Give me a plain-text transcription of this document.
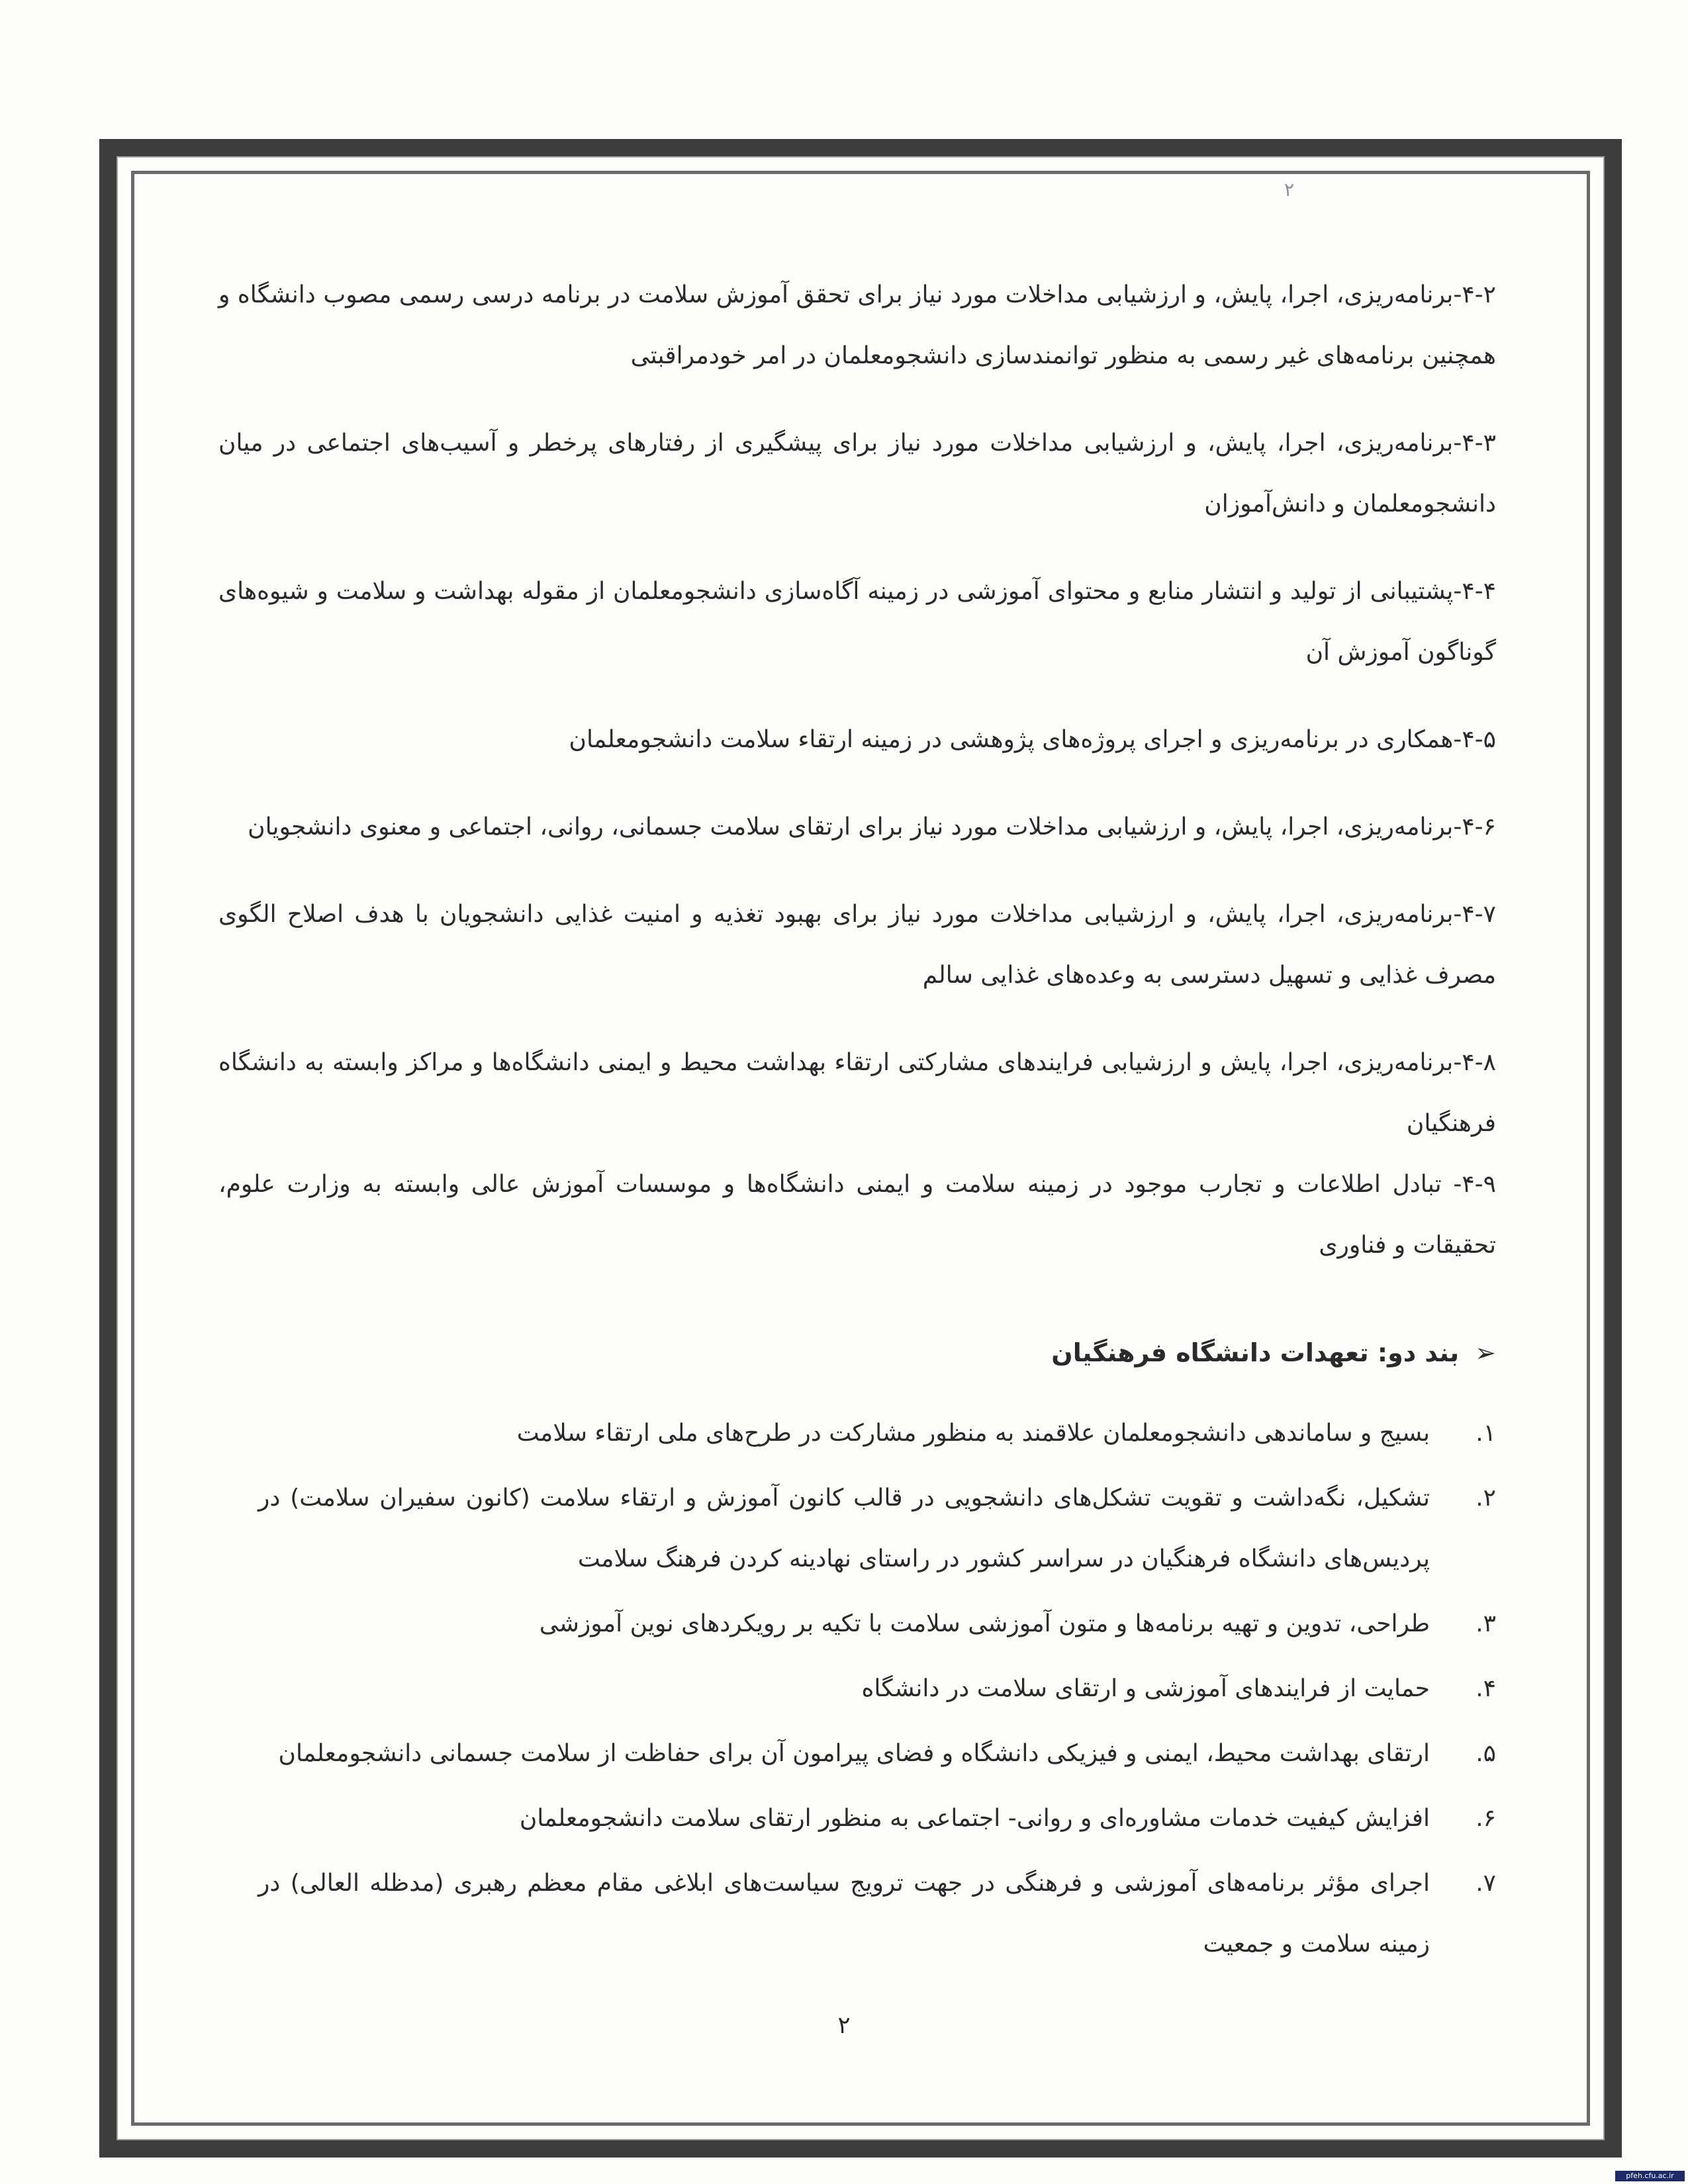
۲

۴-۲-برنامه‌ریزی، اجرا، پایش، و ارزشیابی مداخلات مورد نیاز برای تحقق آموزش سلامت در برنامه درسی رسمی مصوب دانشگاه و همچنین برنامه‌های غیر رسمی به منظور توانمندسازی دانشجومعلمان در امر خودمراقبتی

۴-۳-برنامه‌ریزی، اجرا، پایش، و ارزشیابی مداخلات مورد نیاز برای پیشگیری از رفتارهای پرخطر و آسیب‌های اجتماعی در میان دانشجومعلمان و دانش‌آموزان

۴-۴-پشتیبانی از تولید و انتشار منابع و محتوای آموزشی در زمینه آگاه‌سازی دانشجومعلمان از مقوله بهداشت و سلامت و شیوه‌های گوناگون آموزش آن

۴-۵-همکاری در برنامه‌ریزی و اجرای پروژه‌های پژوهشی در زمینه ارتقاء سلامت دانشجومعلمان

۴-۶-برنامه‌ریزی، اجرا، پایش، و ارزشیابی مداخلات مورد نیاز برای ارتقای سلامت جسمانی، روانی، اجتماعی و معنوی دانشجویان

۴-۷-برنامه‌ریزی، اجرا، پایش، و ارزشیابی مداخلات مورد نیاز برای بهبود تغذیه و امنیت غذایی دانشجویان با هدف اصلاح الگوی مصرف غذایی و تسهیل دسترسی به وعده‌های غذایی سالم

۴-۸-برنامه‌ریزی، اجرا، پایش و ارزشیابی فرایندهای مشارکتی ارتقاء بهداشت محیط و ایمنی دانشگاه‌ها و مراکز وابسته به دانشگاه فرهنگیان

۴-۹- تبادل اطلاعات و تجارب موجود در زمینه سلامت و ایمنی دانشگاه‌ها و موسسات آموزش عالی وابسته به وزارت علوم، تحقیقات و فناوری

➢بند دو: تعهدات دانشگاه فرهنگیان
۱.
بسیج و ساماندهی دانشجومعلمان علاقمند به منظور مشارکت در طرح‌های ملی ارتقاء سلامت
۲.
تشکیل، نگه‌داشت و تقویت تشکل‌های دانشجویی در قالب کانون آموزش و ارتقاء سلامت (کانون سفیران سلامت) در پردیس‌های دانشگاه فرهنگیان در سراسر کشور در راستای نهادینه کردن فرهنگ سلامت
۳.
طراحی، تدوین و تهیه برنامه‌ها و متون آموزشی سلامت با تکیه بر رویکردهای نوین آموزشی
۴.
حمایت از فرایندهای آموزشی و ارتقای سلامت در دانشگاه
۵.
ارتقای بهداشت محیط، ایمنی و فیزیکی دانشگاه و فضای پیرامون آن برای حفاظت از سلامت جسمانی دانشجومعلمان
۶.
افزایش کیفیت خدمات مشاوره‌ای و روانی- اجتماعی به منظور ارتقای سلامت دانشجومعلمان
۷.
اجرای مؤثر برنامه‌های آموزشی و فرهنگی در جهت ترویج سیاست‌های ابلاغی مقام معظم رهبری (مدظله العالی) در زمینه سلامت و جمعیت
۲
pfeh.cfu.ac.ir
